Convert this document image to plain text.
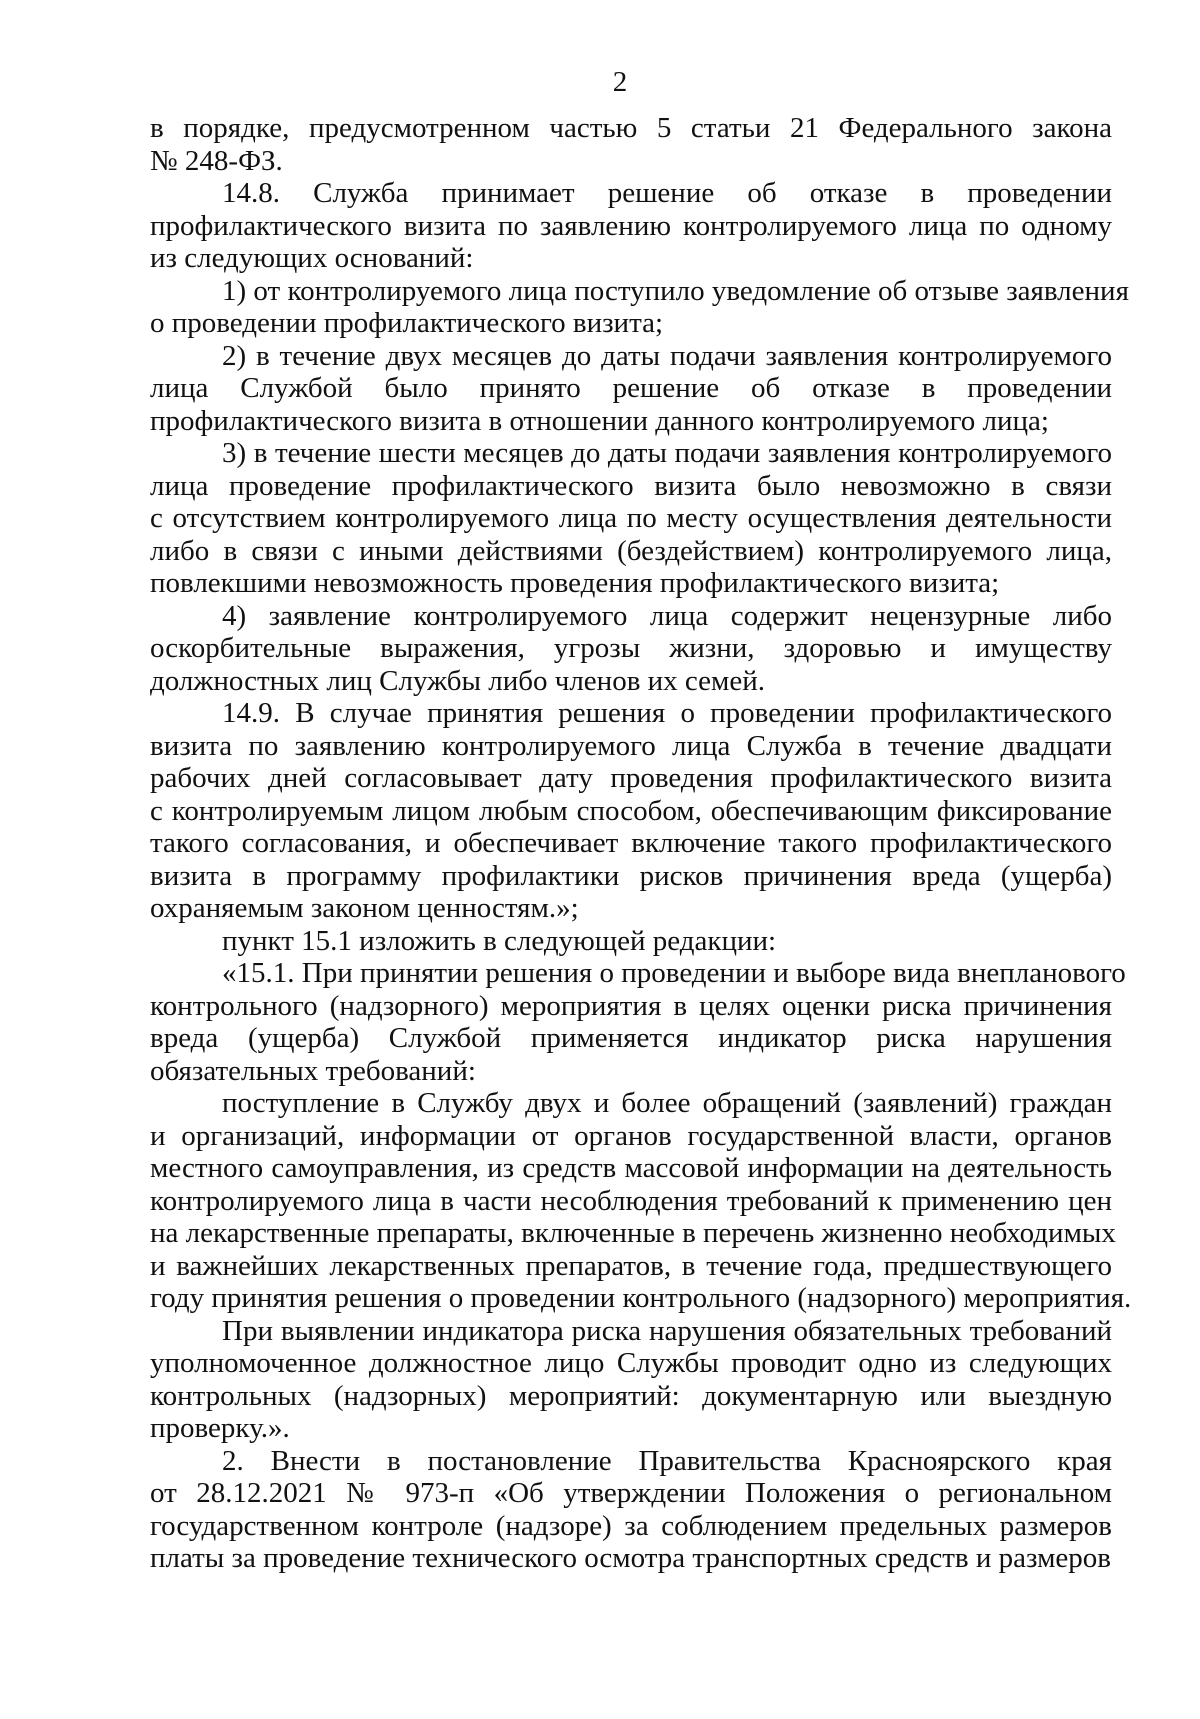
2
в порядке, предусмотренном частью 5 статьи 21 Федерального закона
№ 248-ФЗ.
14.8. Служба принимает решение об отказе в проведении
профилактического визита по заявлению контролируемого лица по одному
из следующих оснований:
1) от контролируемого лица поступило уведомление об отзыве заявления
о проведении профилактического визита;
2) в течение двух месяцев до даты подачи заявления контролируемого
лица Службой было принято решение об отказе в проведении
профилактического визита в отношении данного контролируемого лица;
3) в течение шести месяцев до даты подачи заявления контролируемого
лица проведение профилактического визита было невозможно в связи
с отсутствием контролируемого лица по месту осуществления деятельности
либо в связи с иными действиями (бездействием) контролируемого лица,
повлекшими невозможность проведения профилактического визита;
4) заявление контролируемого лица содержит нецензурные либо
оскорбительные выражения, угрозы жизни, здоровью и имуществу
должностных лиц Службы либо членов их семей.
14.9. В случае принятия решения о проведении профилактического
визита по заявлению контролируемого лица Служба в течение двадцати
рабочих дней согласовывает дату проведения профилактического визита
с контролируемым лицом любым способом, обеспечивающим фиксирование
такого согласования, и обеспечивает включение такого профилактического
визита в программу профилактики рисков причинения вреда (ущерба)
охраняемым законом ценностям.»;
пункт 15.1 изложить в следующей редакции:
«15.1. При принятии решения о проведении и выборе вида внепланового
контрольного (надзорного) мероприятия в целях оценки риска причинения
вреда (ущерба) Службой применяется индикатор риска нарушения
обязательных требований:
поступление в Службу двух и более обращений (заявлений) граждан
и организаций, информации от органов государственной власти, органов
местного самоуправления, из средств массовой информации на деятельность
контролируемого лица в части несоблюдения требований к применению цен
на лекарственные препараты, включенные в перечень жизненно необходимых
и важнейших лекарственных препаратов, в течение года, предшествующего
году принятия решения о проведении контрольного (надзорного) мероприятия.
При выявлении индикатора риска нарушения обязательных требований
уполномоченное должностное лицо Службы проводит одно из следующих
контрольных (надзорных) мероприятий: документарную или выездную
проверку.».
2. Внести в постановление Правительства Красноярского края
от 28.12.2021 № 973-п «Об утверждении Положения о региональном
государственном контроле (надзоре) за соблюдением предельных размеров
платы за проведение технического осмотра транспортных средств и размеров
